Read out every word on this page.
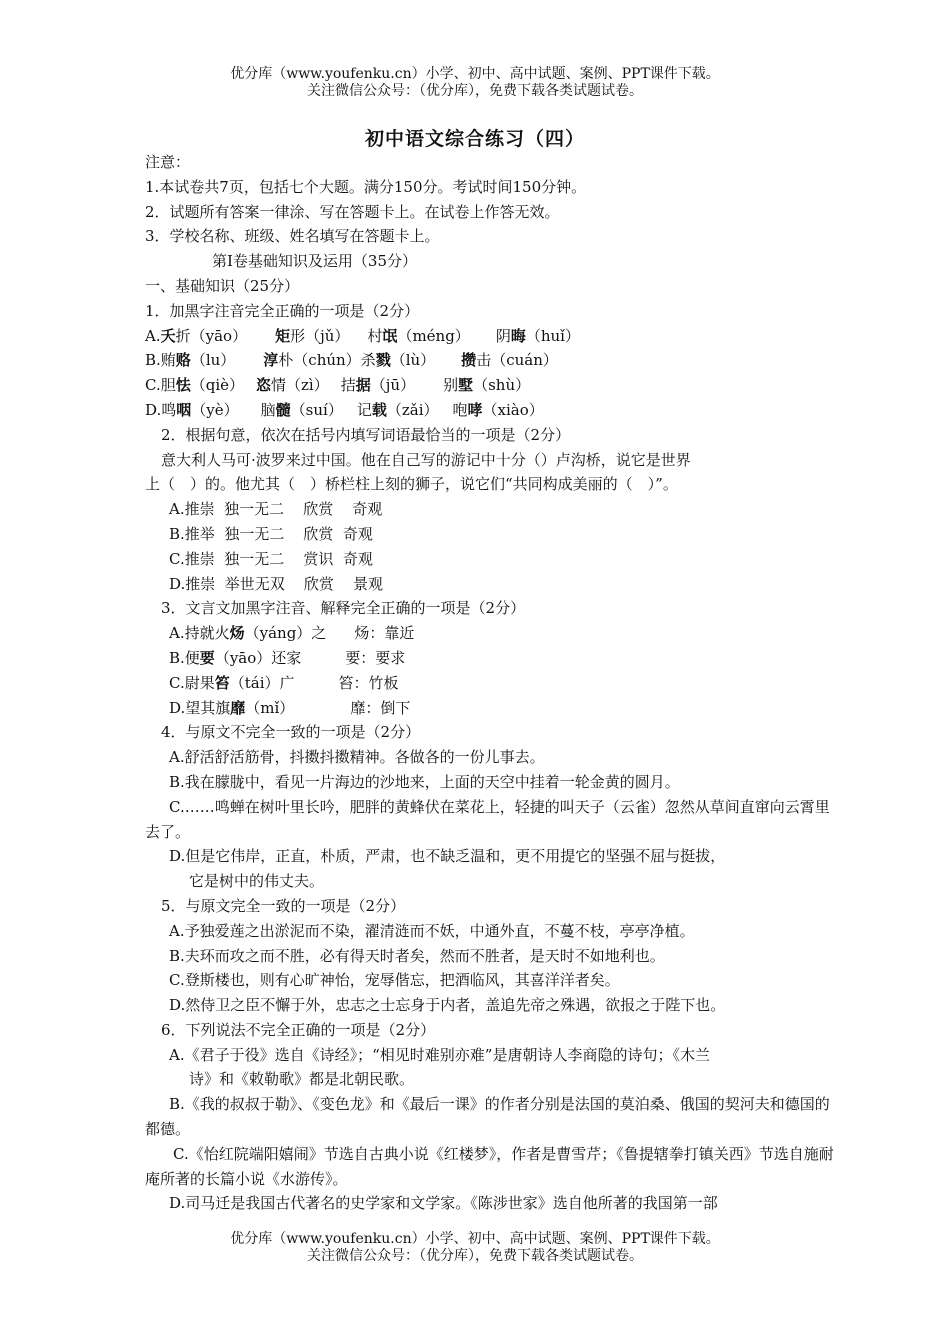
优分库（www.youfenku.cn）小学、初中、高中试题、案例、PPT课件下载。
关注微信公众号：（优分库），免费下载各类试题试卷。
初中语文综合练习（四）
注意：
1.本试卷共7页，包括七个大题。满分150分。考试时间150分钟。
2．试题所有答案一律涂、写在答题卡上。在试卷上作答无效。
3．学校名称、班级、姓名填写在答题卡上。
第Ⅰ卷基础知识及运用（35分）
一、基础知识（25分）
1．加黑字注音完全正确的一项是（2分）
A.夭折（yāo） 矩形（jǔ） 村氓（méng） 阴晦（huǐ）
B.贿赂（lu） 淳朴（chún）杀戮（lù） 攒击（cuán）
C.胆怯（qiè） 恣情（zì） 拮据（jū） 别墅（shù）
D.鸣咽（yè） 脑髓（suí） 记载（zǎi） 咆哮（xiào）
2．根据句意，依次在括号内填写词语最恰当的一项是（2分）
意大利人马可·波罗来过中国。他在自己写的游记中十分（）卢沟桥，说它是世界
上（　）的。他尤其（　）桥栏柱上刻的狮子，说它们“共同构成美丽的（　）”。
A.推崇  独一无二    欣赏    奇观
B.推举  独一无二    欣赏  奇观
C.推崇  独一无二    赏识  奇观
D.推崇  举世无双    欣赏    景观
3．文言文加黑字注音、解释完全正确的一项是（2分）
A.持就火炀（yáng）之 炀：靠近
B.便要（yāo）还家	要：要求
C.尉果笞（tái）广	笞：竹板
D.望其旗靡（mǐ）	靡：倒下
4．与原文不完全一致的一项是（2分）
A.舒活舒活筋骨，抖擞抖擞精神。各做各的一份儿事去。
B.我在朦胧中，看见一片海边的沙地来，上面的天空中挂着一轮金黄的圆月。
C.……鸣蝉在树叶里长吟，肥胖的黄蜂伏在菜花上，轻捷的叫天子（云雀）忽然从草间直窜向云霄里去了。
D.但是它伟岸，正直，朴质，严肃，也不缺乏温和，更不用提它的坚强不屈与挺拔，
它是树中的伟丈夫。
5．与原文完全一致的一项是（2分）
A.予独爱莲之出淤泥而不染，濯清涟而不妖，中通外直，不蔓不枝，亭亭净植。
B.夫环而攻之而不胜，必有得天时者矣，然而不胜者，是天时不如地利也。
C.登斯楼也，则有心旷神怡，宠辱偕忘，把酒临风，其喜洋洋者矣。
D.然侍卫之臣不懈于外，忠志之士忘身于内者，盖追先帝之殊遇，欲报之于陛下也。
6．下列说法不完全正确的一项是（2分）
A.《君子于役》选自《诗经》；“相见时难别亦难”是唐朝诗人李商隐的诗句；《木兰
诗》和《敕勒歌》都是北朝民歌。
B.《我的叔叔于勒》、《变色龙》和《最后一课》的作者分别是法国的莫泊桑、俄国的契河夫和德国的都德。
C.《怡红院端阳嬉闹》节选自古典小说《红楼梦》，作者是曹雪芹；《鲁提辖拳打镇关西》节选自施耐庵所著的长篇小说《水游传》。
D.司马迁是我国古代著名的史学家和文学家。《陈涉世家》选自他所著的我国第一部
优分库（www.youfenku.cn）小学、初中、高中试题、案例、PPT课件下载。
关注微信公众号：（优分库），免费下载各类试题试卷。
